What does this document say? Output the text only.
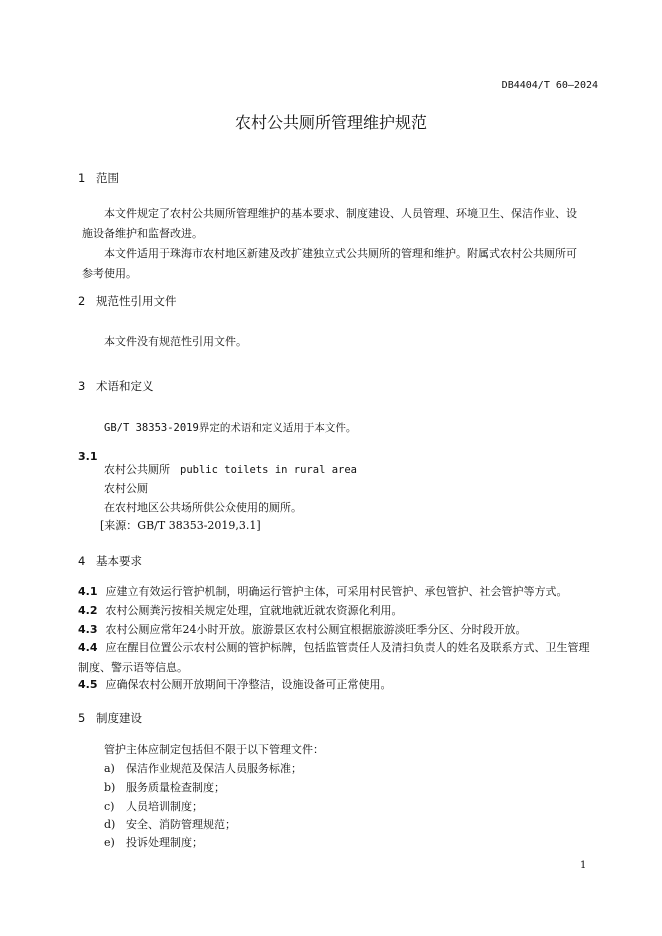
DB4404/T 60—2024
农村公共厕所管理维护规范
1 范围
本文件规定了农村公共厕所管理维护的基本要求、制度建设、人员管理、环境卫生、保洁作业、设施设备维护和监督改进。
本文件适用于珠海市农村地区新建及改扩建独立式公共厕所的管理和维护。附属式农村公共厕所可参考使用。
2 规范性引用文件
本文件没有规范性引用文件。
3 术语和定义
GB/T 38353-2019界定的术语和定义适用于本文件。
3.1
农村公共厕所 public toilets in rural area
农村公厕
在农村地区公共场所供公众使用的厕所。
[来源：GB/T 38353-2019,3.1]
4 基本要求
4.1 应建立有效运行管护机制，明确运行管护主体，可采用村民管护、承包管护、社会管护等方式。
4.2 农村公厕粪污按相关规定处理，宜就地就近就农资源化利用。
4.3 农村公厕应常年24小时开放。旅游景区农村公厕宜根据旅游淡旺季分区、分时段开放。
4.4 应在醒目位置公示农村公厕的管护标牌，包括监管责任人及清扫负责人的姓名及联系方式、卫生管理制度、警示语等信息。
4.5 应确保农村公厕开放期间干净整洁，设施设备可正常使用。
5 制度建设
管护主体应制定包括但不限于以下管理文件：
a) 保洁作业规范及保洁人员服务标准；
b) 服务质量检查制度；
c) 人员培训制度；
d) 安全、消防管理规范；
e) 投诉处理制度；
1
